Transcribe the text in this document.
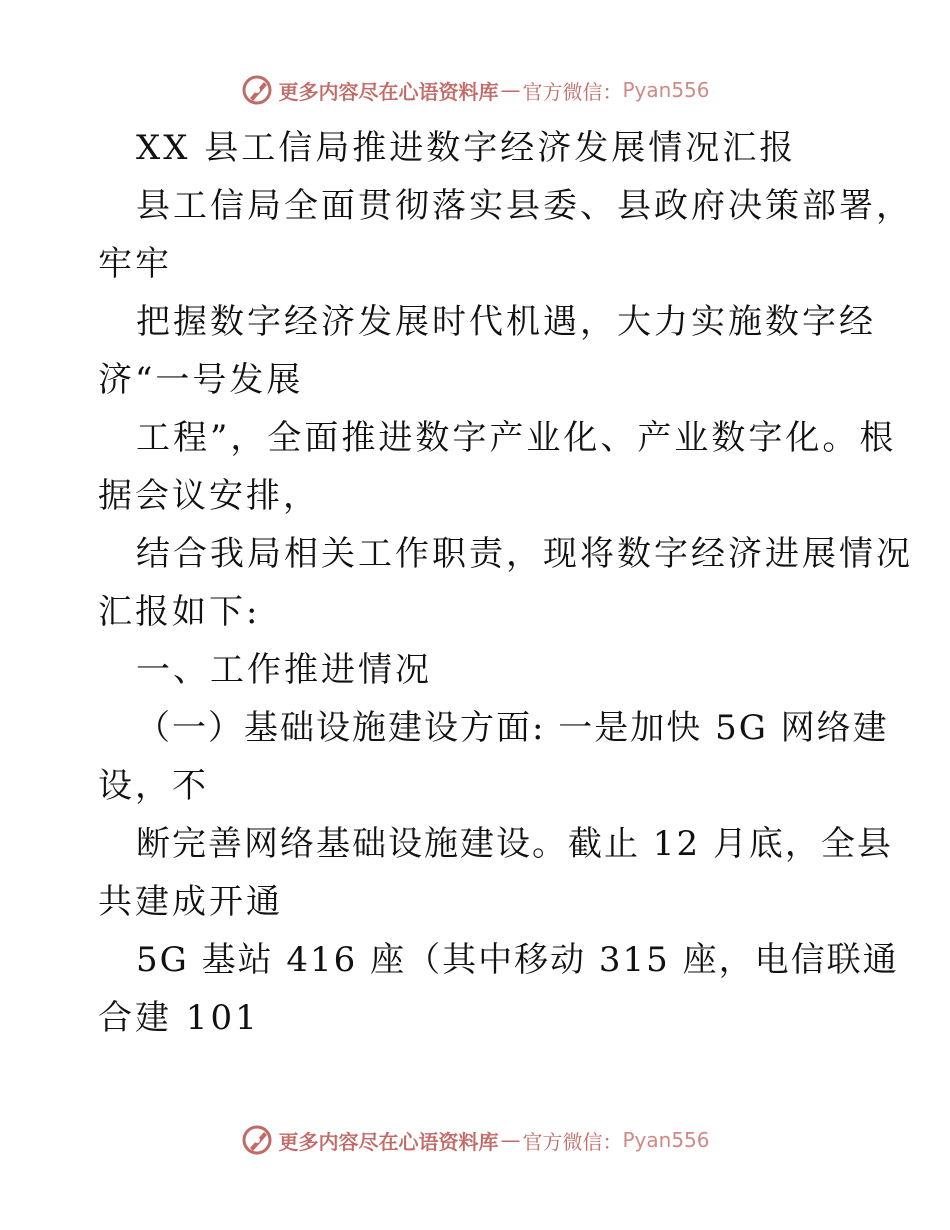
更多内容尽在心语资料库 — 官方微信： Pyan556
XX 县工信局推进数字经济发展情况汇报
县工信局全面贯彻落实县委、县政府决策部署，
牢牢
把握数字经济发展时代机遇，大力实施数字经
济“一号发展
工程”，全面推进数字产业化、产业数字化。根
据会议安排，
结合我局相关工作职责，现将数字经济进展情况
汇报如下:
一、工作推进情况
（一）基础设施建设方面: 一是加快 5G 网络建
设，不
断完善网络基础设施建设。截止 12 月底，全县
共建成开通
5G 基站 416 座（其中移动 315 座，电信联通
合建 101
更多内容尽在心语资料库 — 官方微信： Pyan556
